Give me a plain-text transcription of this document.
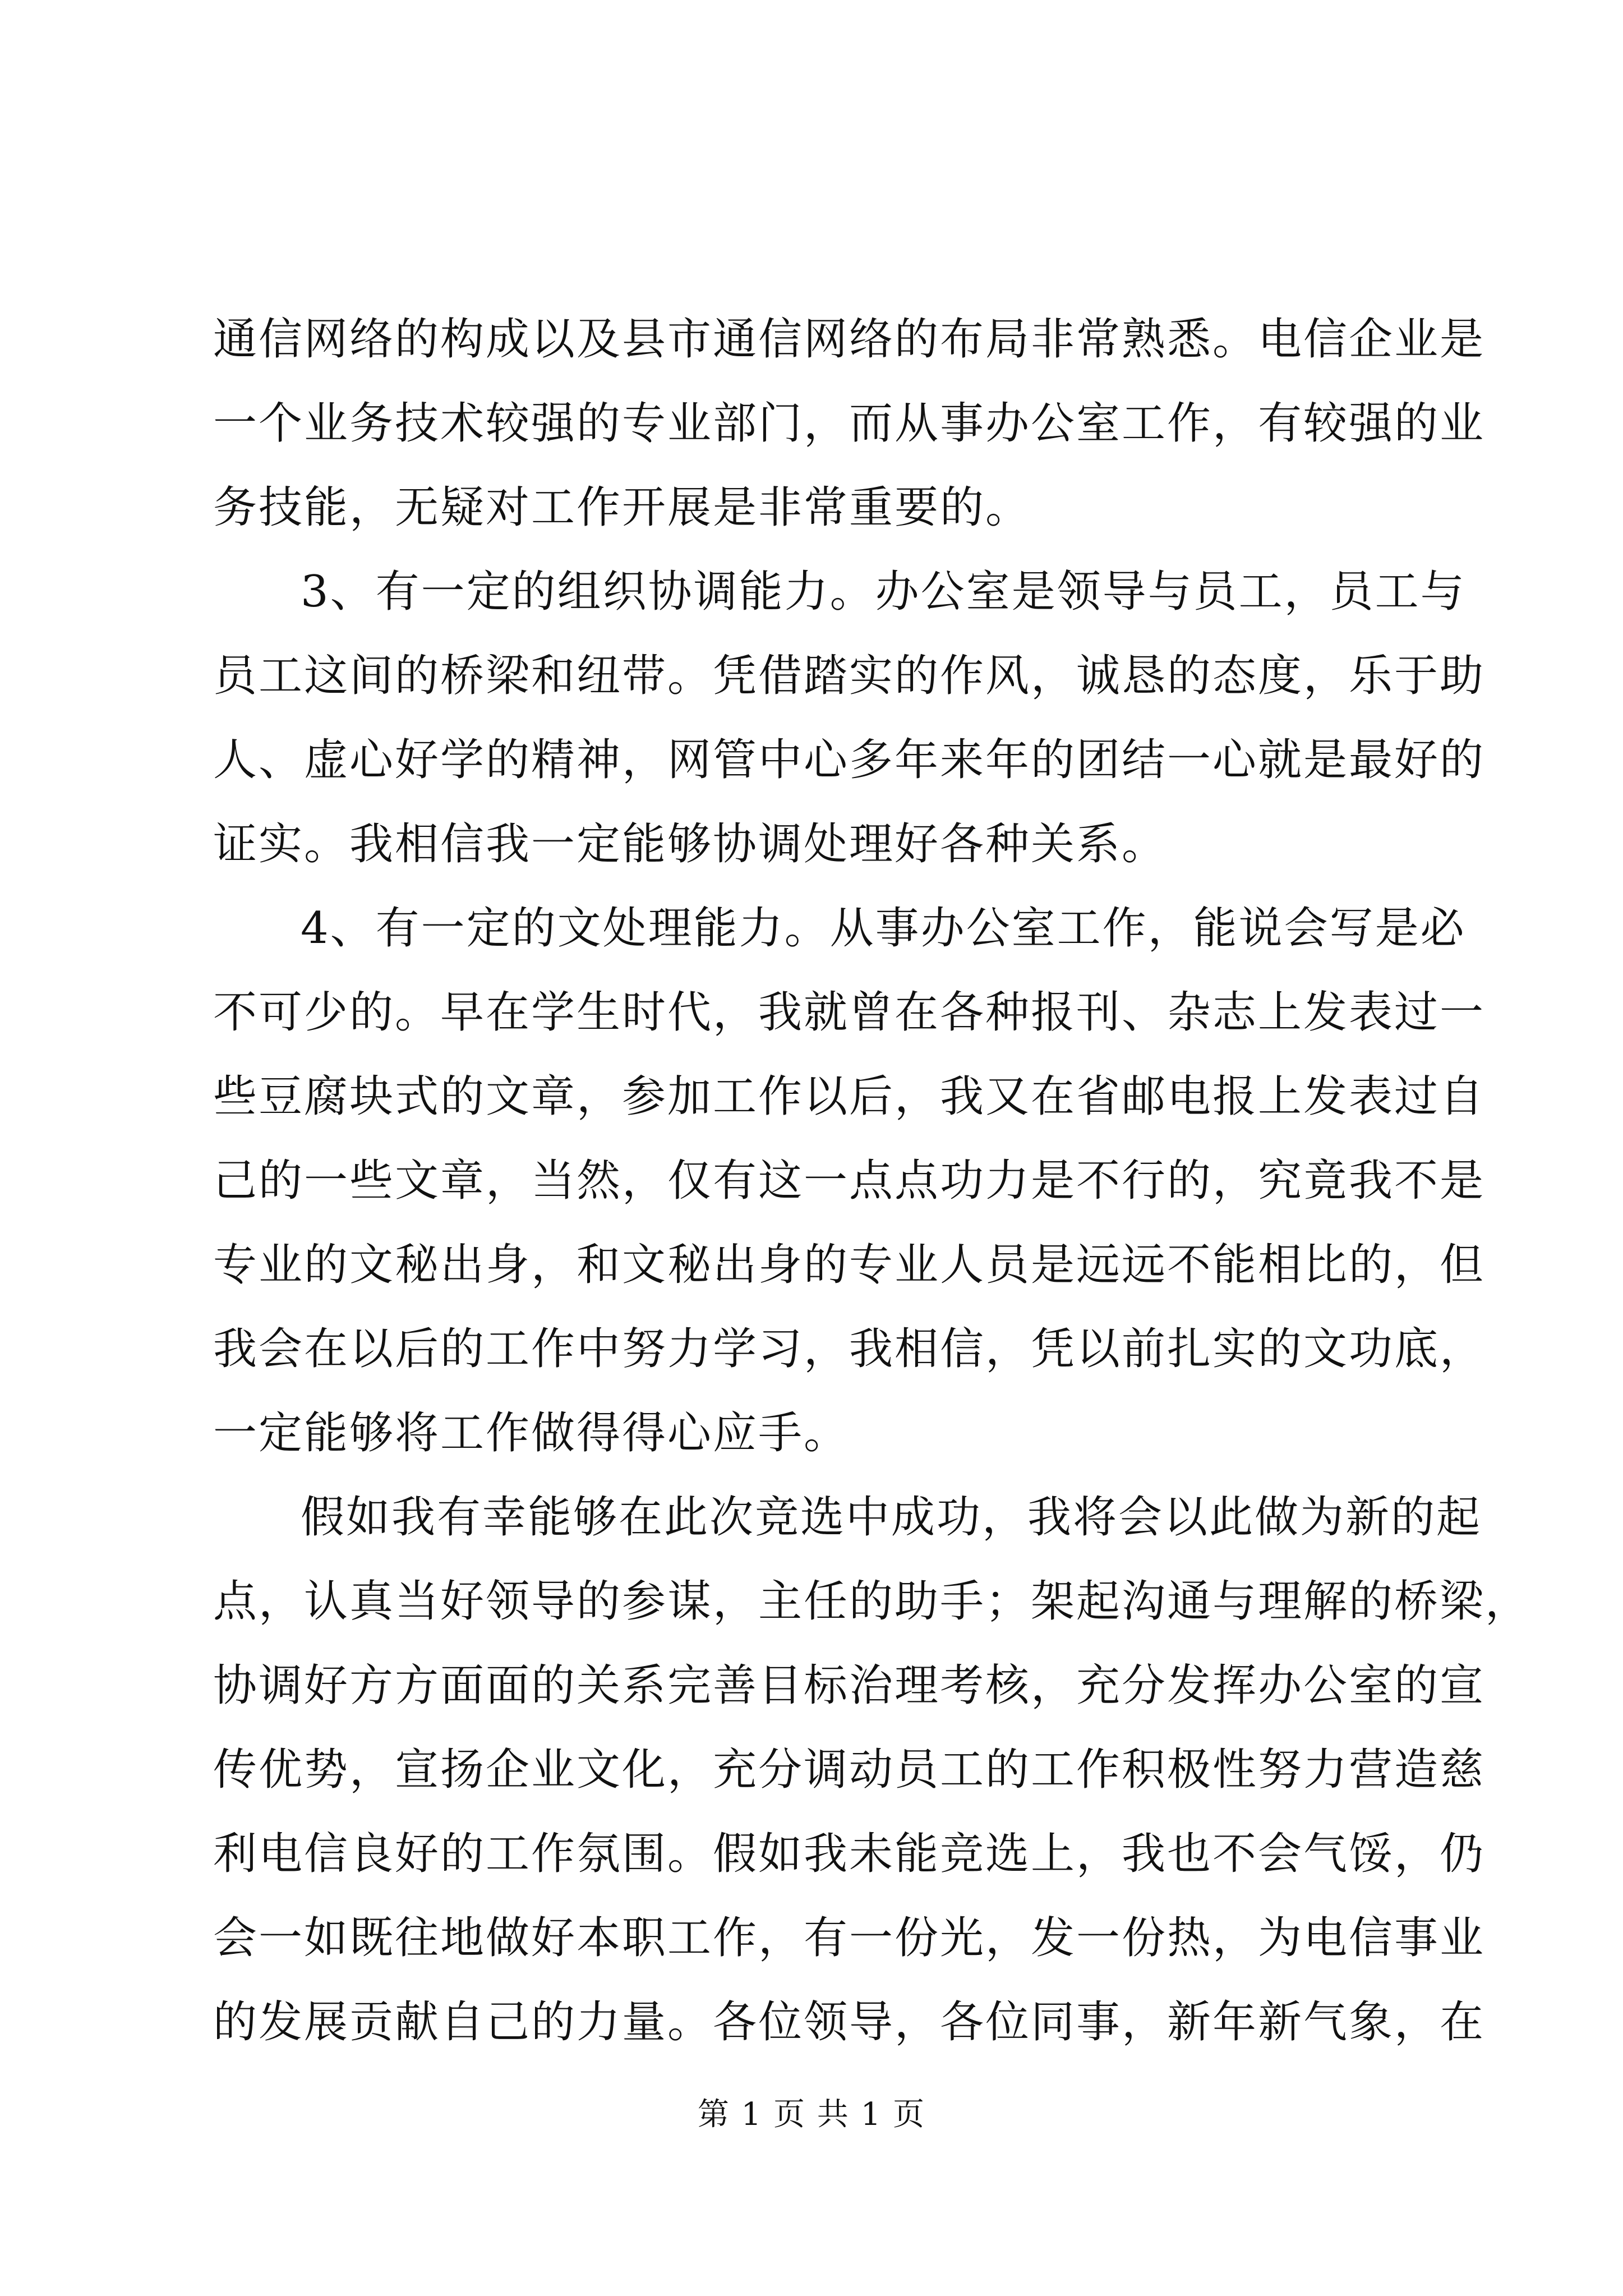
通信网络的构成以及县市通信网络的布局非常熟悉。电信企业是
一个业务技术较强的专业部门，而从事办公室工作，有较强的业
务技能，无疑对工作开展是非常重要的。
3、有一定的组织协调能力。办公室是领导与员工，员工与
员工这间的桥梁和纽带。凭借踏实的作风，诚恳的态度，乐于助
人、虚心好学的精神，网管中心多年来年的团结一心就是最好的
证实。我相信我一定能够协调处理好各种关系。
4、有一定的文处理能力。从事办公室工作，能说会写是必
不可少的。早在学生时代，我就曾在各种报刊、杂志上发表过一
些豆腐块式的文章，参加工作以后，我又在省邮电报上发表过自
己的一些文章，当然，仅有这一点点功力是不行的，究竟我不是
专业的文秘出身，和文秘出身的专业人员是远远不能相比的，但
我会在以后的工作中努力学习，我相信，凭以前扎实的文功底，
一定能够将工作做得得心应手。
假如我有幸能够在此次竞选中成功，我将会以此做为新的起
点，认真当好领导的参谋，主任的助手；架起沟通与理解的桥梁，
协调好方方面面的关系完善目标治理考核，充分发挥办公室的宣
传优势，宣扬企业文化，充分调动员工的工作积极性努力营造慈
利电信良好的工作氛围。假如我未能竞选上，我也不会气馁，仍
会一如既往地做好本职工作，有一份光，发一份热，为电信事业
的发展贡献自己的力量。各位领导，各位同事，新年新气象，在
第 1 页 共 1 页
